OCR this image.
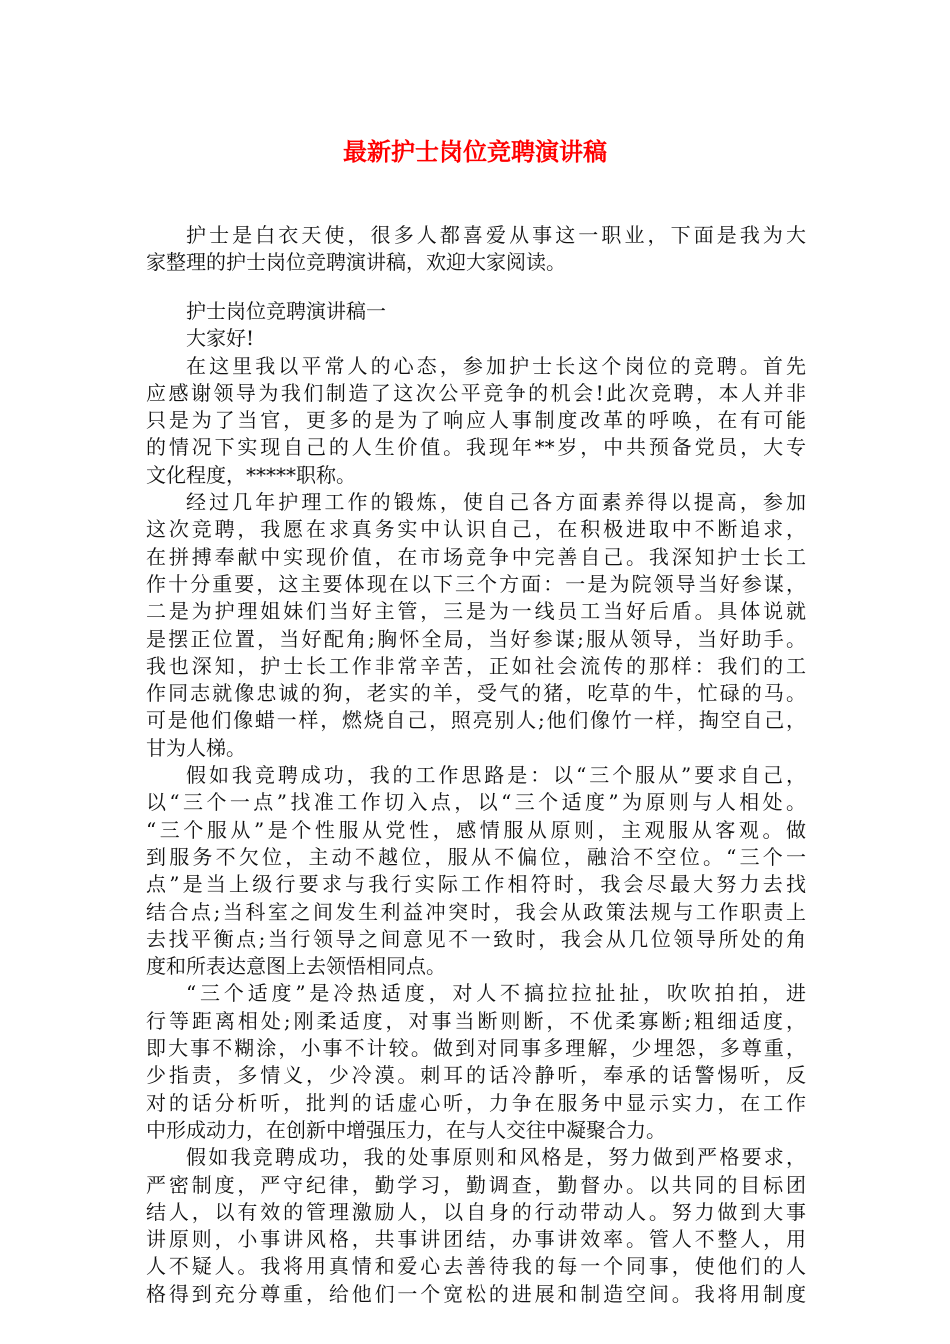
最新护士岗位竞聘演讲稿
护士是白衣天使，很多人都喜爱从事这一职业，下面是我为大
家整理的护士岗位竞聘演讲稿，欢迎大家阅读。
护士岗位竞聘演讲稿一
大家好!
在这里我以平常人的心态，参加护士长这个岗位的竞聘。首先
应感谢领导为我们制造了这次公平竞争的机会!此次竞聘，本人并非
只是为了当官，更多的是为了响应人事制度改革的呼唤，在有可能
的情况下实现自己的人生价值。我现年**岁，中共预备党员，大专
文化程度，*****职称。
经过几年护理工作的锻炼，使自己各方面素养得以提高，参加
这次竞聘，我愿在求真务实中认识自己，在积极进取中不断追求，
在拼搏奉献中实现价值，在市场竞争中完善自己。我深知护士长工
作十分重要，这主要体现在以下三个方面：一是为院领导当好参谋，
二是为护理姐妹们当好主管，三是为一线员工当好后盾。具体说就
是摆正位置，当好配角;胸怀全局，当好参谋;服从领导，当好助手。
我也深知，护士长工作非常辛苦，正如社会流传的那样：我们的工
作同志就像忠诚的狗，老实的羊，受气的猪，吃草的牛，忙碌的马。
可是他们像蜡一样，燃烧自己，照亮别人;他们像竹一样，掏空自己，
甘为人梯。
假如我竞聘成功，我的工作思路是：以“三个服从”要求自己，
以“三个一点”找准工作切入点，以“三个适度”为原则与人相处。
“三个服从”是个性服从党性，感情服从原则，主观服从客观。做
到服务不欠位，主动不越位，服从不偏位，融洽不空位。“三个一
点”是当上级行要求与我行实际工作相符时，我会尽最大努力去找
结合点;当科室之间发生利益冲突时，我会从政策法规与工作职责上
去找平衡点;当行领导之间意见不一致时，我会从几位领导所处的角
度和所表达意图上去领悟相同点。
“三个适度”是冷热适度，对人不搞拉拉扯扯，吹吹拍拍，进
行等距离相处;刚柔适度，对事当断则断，不优柔寡断;粗细适度，
即大事不糊涂，小事不计较。做到对同事多理解，少埋怨，多尊重，
少指责，多情义，少冷漠。刺耳的话冷静听，奉承的话警惕听，反
对的话分析听，批判的话虚心听，力争在服务中显示实力，在工作
中形成动力，在创新中增强压力，在与人交往中凝聚合力。
假如我竞聘成功，我的处事原则和风格是，努力做到严格要求，
严密制度，严守纪律，勤学习，勤调查，勤督办。以共同的目标团
结人，以有效的管理激励人，以自身的行动带动人。努力做到大事
讲原则，小事讲风格，共事讲团结，办事讲效率。管人不整人，用
人不疑人。我将用真情和爱心去善待我的每一个同事，使他们的人
格得到充分尊重，给他们一个宽松的进展和制造空间。我将用制度
